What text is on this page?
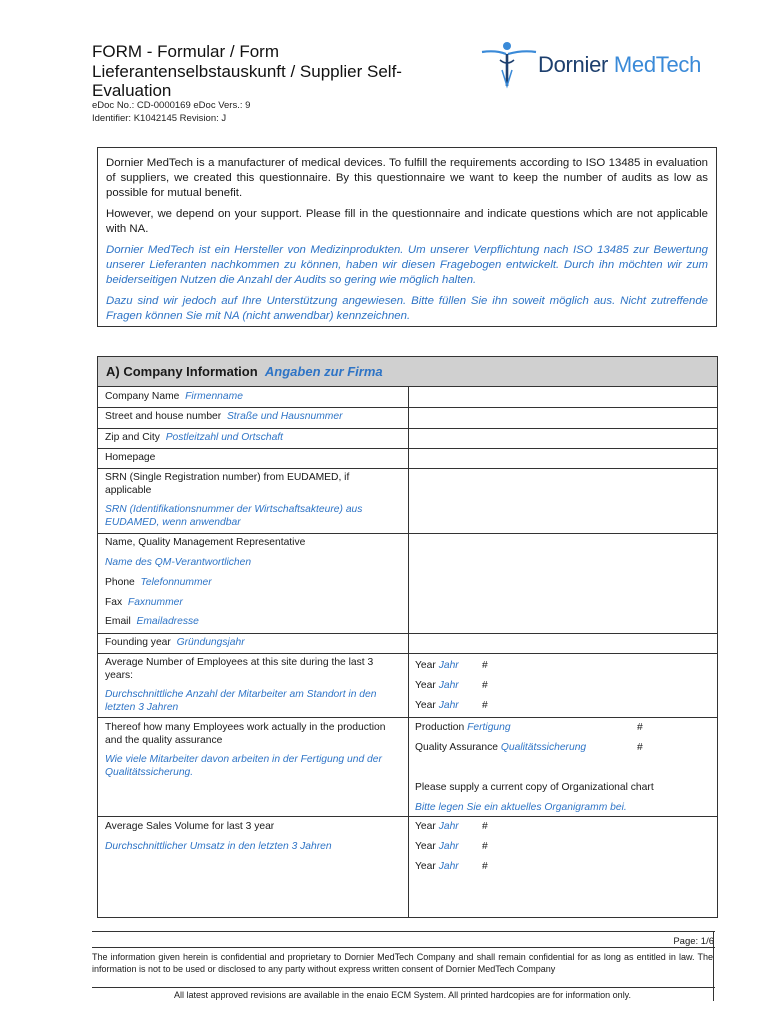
FORM - Formular / Form Lieferantenselbstauskunft / Supplier Self-Evaluation
eDoc No.: CD-0000169 eDoc Vers.: 9
Identifier: K1042145 Revision: J
Dornier MedTech

Dornier MedTech is a manufacturer of medical devices. To fulfill the requirements according to ISO 13485 in evaluation of suppliers, we created this questionnaire. By this questionnaire we want to keep the number of audits as low as possible for mutual benefit.

However, we depend on your support. Please fill in the questionnaire and indicate questions which are not applicable with NA.

Dornier MedTech ist ein Hersteller von Medizinprodukten. Um unserer Verpflichtung nach ISO 13485 zur Bewertung unserer Lieferanten nachkommen zu können, haben wir diesen Fragebogen entwickelt. Durch ihn möchten wir zum beiderseitigen Nutzen die Anzahl der Audits so gering wie möglich halten.

Dazu sind wir jedoch auf Ihre Unterstützung angewiesen. Bitte füllen Sie ihn soweit möglich aus. Nicht zutreffende Fragen können Sie mit NA (nicht anwendbar) kennzeichnen.

A) Company Information Angaben zur Firma
Company Name Firmenname
Street and house number Straße und Hausnummer
Zip and City Postleitzahl und Ortschaft
Homepage
SRN (Single Registration number) from EUDAMED, if applicable
SRN (Identifikationsnummer der Wirtschaftsakteure) aus EUDAMED, wenn anwendbar
Name, Quality Management Representative
Name des QM-Verantwortlichen
Phone Telefonnummer
Fax Faxnummer
Email Emailadresse
Founding year Gründungsjahr
Average Number of Employees at this site during the last 3 years:
Durchschnittliche Anzahl der Mitarbeiter am Standort in den letzten 3 Jahren
Year Jahr #
Year Jahr #
Year Jahr #
Thereof how many Employees work actually in the production and the quality assurance
Wie viele Mitarbeiter davon arbeiten in der Fertigung und der Qualitätssicherung.
Production Fertigung	#
Quality Assurance Qualitätssicherung	#
Please supply a current copy of Organizational chart
Bitte legen Sie ein aktuelles Organigramm bei.
Average Sales Volume for last 3 year
Durchschnittlicher Umsatz in den letzten 3 Jahren
Year Jahr #
Year Jahr #
Year Jahr #
Page: 1/6
The information given herein is confidential and proprietary to Dornier MedTech Company and shall remain confidential for as long as entitled in law. The information is not to be used or disclosed to any party without express written consent of Dornier MedTech Company
All latest approved revisions are available in the enaio ECM System. All printed hardcopies are for information only.
